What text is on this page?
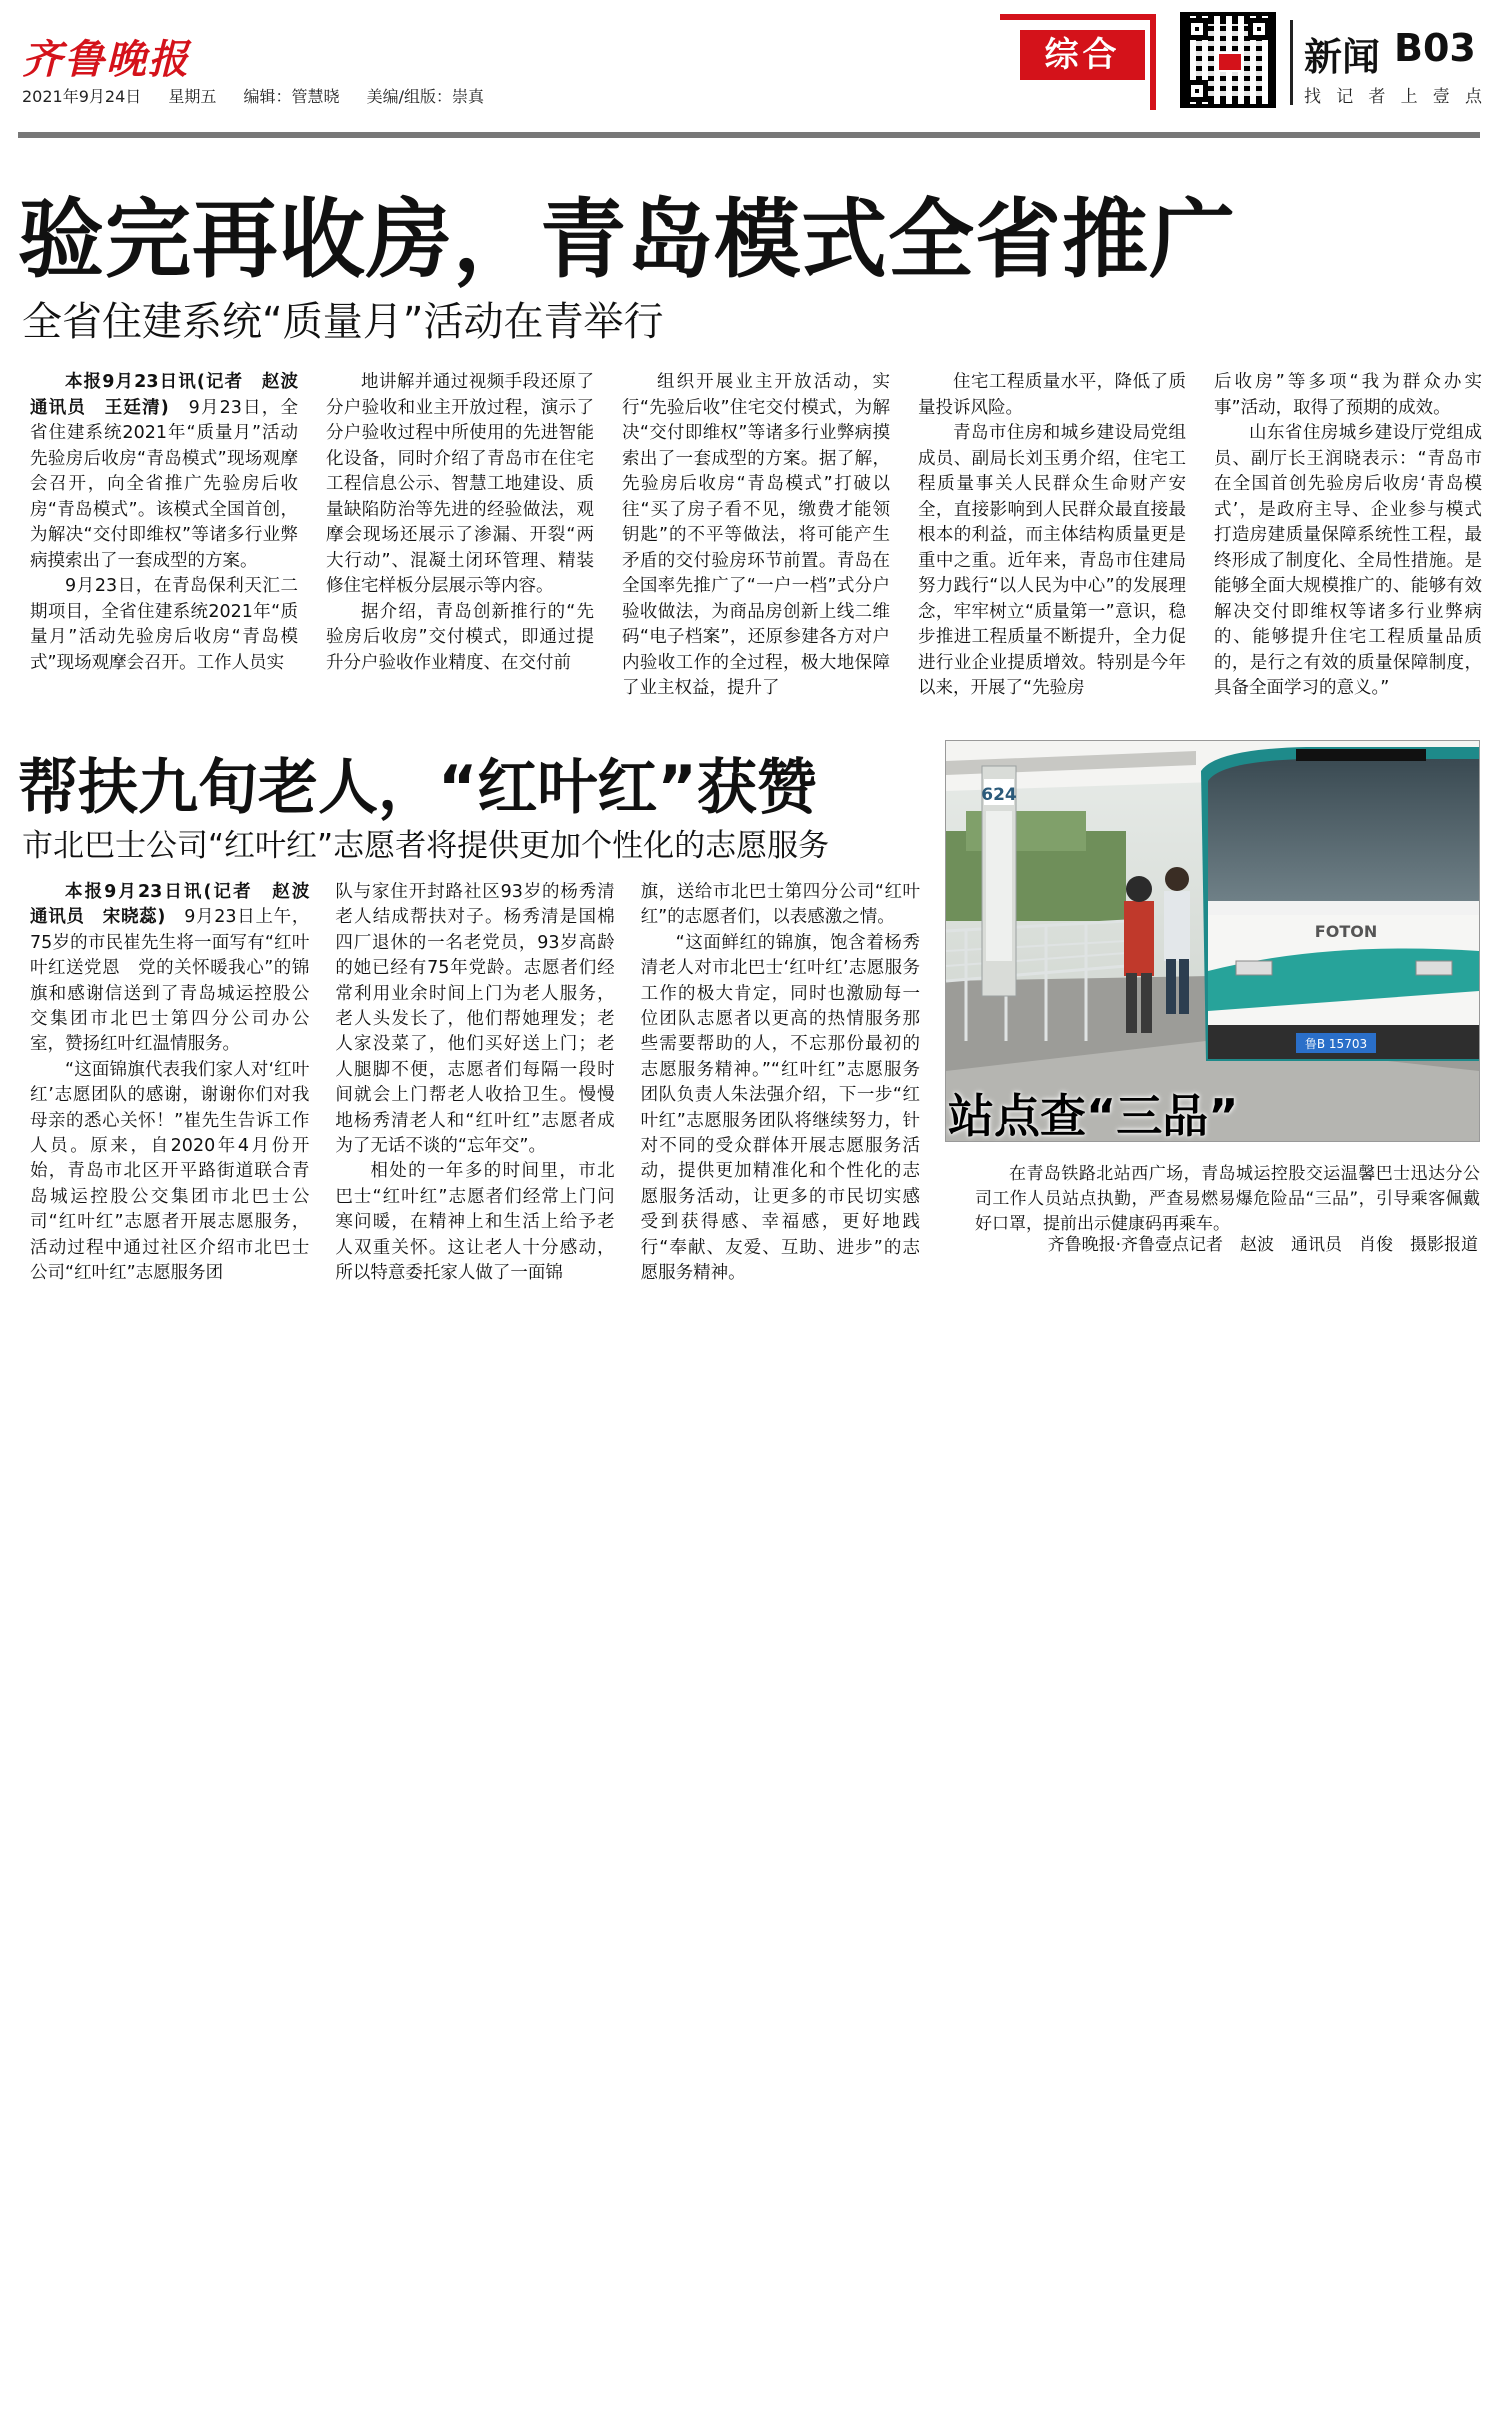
齐鲁晚报
2021年9月24日 星期五 编辑：管慧晓 美编/组版：崇真
综合	新闻 B03
找 记 者 上 壹 点
验完再收房，青岛模式全省推广
全省住建系统“质量月”活动在青举行

本报9月23日讯(记者　赵波　通讯员　王廷清)　9月23日，全省住建系统2021年“质量月”活动先验房后收房“青岛模式”现场观摩会召开，向全省推广先验房后收房“青岛模式”。该模式全国首创，为解决“交付即维权”等诸多行业弊病摸索出了一套成型的方案。

9月23日，在青岛保利天汇二期项目，全省住建系统2021年“质量月”活动先验房后收房“青岛模式”现场观摩会召开。工作人员实

地讲解并通过视频手段还原了分户验收和业主开放过程，演示了分户验收过程中所使用的先进智能化设备，同时介绍了青岛市在住宅工程信息公示、智慧工地建设、质量缺陷防治等先进的经验做法，观摩会现场还展示了渗漏、开裂“两大行动”、混凝土闭环管理、精装修住宅样板分层展示等内容。

据介绍，青岛创新推行的“先验房后收房”交付模式，即通过提升分户验收作业精度、在交付前

组织开展业主开放活动，实行“先验后收”住宅交付模式，为解决“交付即维权”等诸多行业弊病摸索出了一套成型的方案。据了解，先验房后收房“青岛模式”打破以往“买了房子看不见，缴费才能领钥匙”的不平等做法，将可能产生矛盾的交付验房环节前置。青岛在全国率先推广了“一户一档”式分户验收做法，为商品房创新上线二维码“电子档案”，还原参建各方对户内验收工作的全过程，极大地保障了业主权益，提升了

住宅工程质量水平，降低了质量投诉风险。

青岛市住房和城乡建设局党组成员、副局长刘玉勇介绍，住宅工程质量事关人民群众生命财产安全，直接影响到人民群众最直接最根本的利益，而主体结构质量更是重中之重。近年来，青岛市住建局努力践行“以人民为中心”的发展理念，牢牢树立“质量第一”意识，稳步推进工程质量不断提升，全力促进行业企业提质增效。特别是今年以来，开展了“先验房

后收房”等多项“我为群众办实事”活动，取得了预期的成效。

山东省住房城乡建设厅党组成员、副厅长王润晓表示：“青岛市在全国首创先验房后收房‘青岛模式’，是政府主导、企业参与模式打造房建质量保障系统性工程，最终形成了制度化、全局性措施。是能够全面大规模推广的、能够有效解决交付即维权等诸多行业弊病的、能够提升住宅工程质量品质的，是行之有效的质量保障制度，具备全面学习的意义。”

帮扶九旬老人，“红叶红”获赞
市北巴士公司“红叶红”志愿者将提供更加个性化的志愿服务

本报9月23日讯(记者　赵波　通讯员　宋晓蕊)　9月23日上午，75岁的市民崔先生将一面写有“红叶叶红送党恩　党的关怀暖我心”的锦旗和感谢信送到了青岛城运控股公交集团市北巴士第四分公司办公室，赞扬红叶红温情服务。

“这面锦旗代表我们家人对‘红叶红’志愿团队的感谢，谢谢你们对我母亲的悉心关怀！”崔先生告诉工作人员。原来，自2020年4月份开始，青岛市北区开平路街道联合青岛城运控股公交集团市北巴士公司“红叶红”志愿者开展志愿服务，活动过程中通过社区介绍市北巴士公司“红叶红”志愿服务团

队与家住开封路社区93岁的杨秀清老人结成帮扶对子。杨秀清是国棉四厂退休的一名老党员，93岁高龄的她已经有75年党龄。志愿者们经常利用业余时间上门为老人服务，老人头发长了，他们帮她理发；老人家没菜了，他们买好送上门；老人腿脚不便，志愿者们每隔一段时间就会上门帮老人收拾卫生。慢慢地杨秀清老人和“红叶红”志愿者成为了无话不谈的“忘年交”。

相处的一年多的时间里，市北巴士“红叶红”志愿者们经常上门问寒问暖，在精神上和生活上给予老人双重关怀。这让老人十分感动，所以特意委托家人做了一面锦

旗，送给市北巴士第四分公司“红叶红”的志愿者们，以表感激之情。

“这面鲜红的锦旗，饱含着杨秀清老人对市北巴士‘红叶红’志愿服务工作的极大肯定，同时也激励每一位团队志愿者以更高的热情服务那些需要帮助的人，不忘那份最初的志愿服务精神。”“红叶红”志愿服务团队负责人朱法强介绍，下一步“红叶红”志愿服务团队将继续努力，针对不同的受众群体开展志愿服务活动，提供更加精准化和个性化的志愿服务活动，让更多的市民切实感受到获得感、幸福感，更好地践行“奉献、友爱、互助、进步”的志愿服务精神。

624
FOTON
鲁B 15703
站点查“三品”
在青岛铁路北站西广场，青岛城运控股交运温馨巴士迅达分公司工作人员站点执勤，严查易燃易爆危险品“三品”，引导乘客佩戴好口罩，提前出示健康码再乘车。
齐鲁晚报·齐鲁壹点记者　赵波　通讯员　肖俊　摄影报道
